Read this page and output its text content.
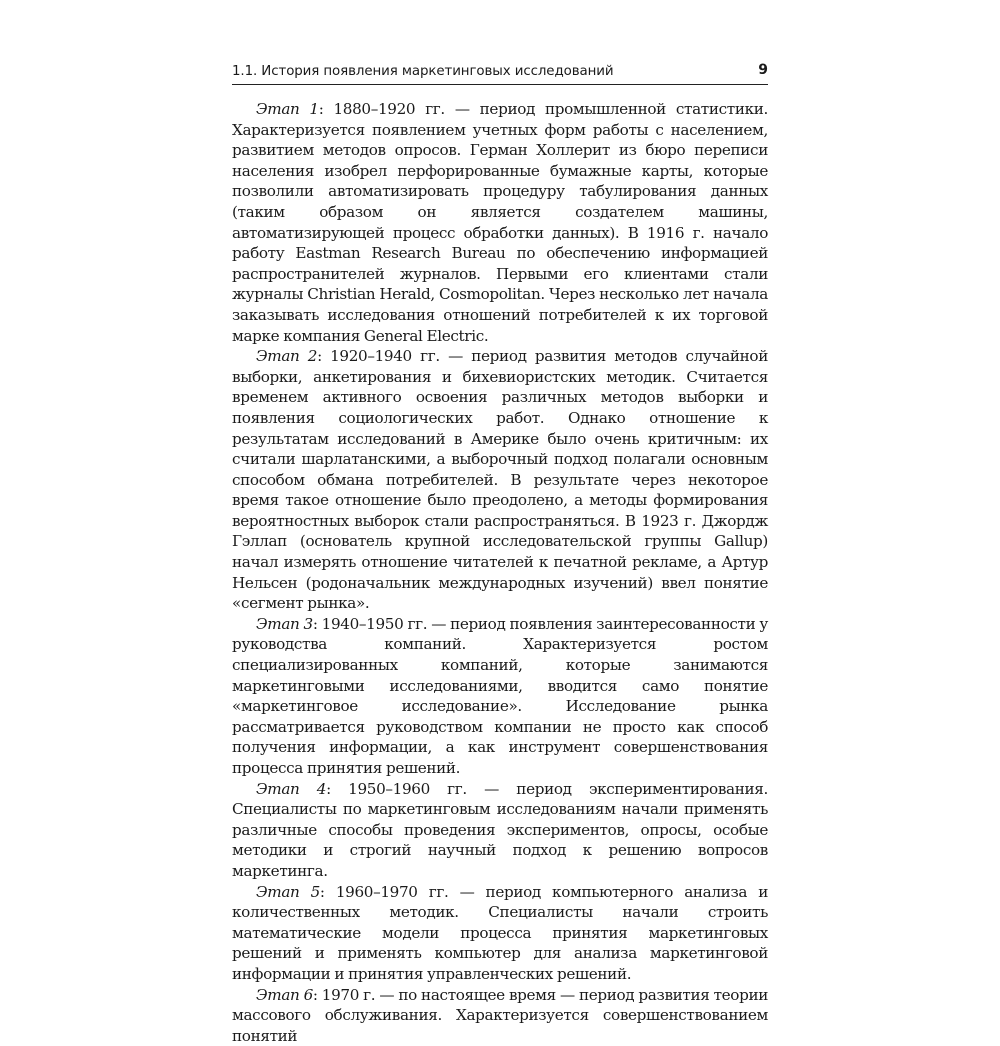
1.1. История появления маркетинговых исследований	9

Этап 1: 1880–1920 гг. — период промышленной статистики. Характеризуется появлением учетных форм работы с населением, развитием методов опросов. Герман Холлерит из бюро переписи населения изобрел перфорированные бумажные карты, которые позволили автоматизировать процедуру табулирования данных (таким образом он является создателем машины, автоматизирующей процесс обработки данных). В 1916 г. начало работу Eastman Research Bureau по обеспечению информацией распространителей журналов. Первыми его клиентами стали журналы Christian Herald, Cosmopolitan. Через несколько лет начала заказывать исследования отношений потребителей к их торговой марке компания General Electric.

Этап 2: 1920–1940 гг. — период развития методов случайной выборки, анкетирования и бихевиористских методик. Считается временем активного освоения различных методов выборки и появления социологических работ. Однако отношение к результатам исследований в Америке было очень критичным: их считали шарлатанскими, а выборочный подход полагали основным способом обмана потребителей. В результате через некоторое время такое отношение было преодолено, а методы формирования вероятностных выборок стали распространяться. В 1923 г. Джордж Гэллап (основатель крупной исследовательской группы Gallup) начал измерять отношение читателей к печатной рекламе, а Артур Нельсен (родоначальник международных изучений) ввел понятие «сегмент рынка».

Этап 3: 1940–1950 гг. — период появления заинтересованности у руководства компаний. Характеризуется ростом специализированных компаний, которые занимаются маркетинговыми исследованиями, вводится само понятие «маркетинговое исследование». Исследование рынка рассматривается руководством компании не просто как способ получения информации, а как инструмент совершенствования процесса принятия решений.

Этап 4: 1950–1960 гг. — период экспериментирования. Специалисты по маркетинговым исследованиям начали применять различные способы проведения экспериментов, опросы, особые методики и строгий научный подход к решению вопросов маркетинга.

Этап 5: 1960–1970 гг. — период компьютерного анализа и количественных методик. Специалисты начали строить математические модели процесса принятия маркетинговых решений и применять компьютер для анализа маркетинговой информации и принятия управленческих решений.

Этап 6: 1970 г. — по настоящее время — период развития теории массового обслуживания. Характеризуется совершенствованием понятий
